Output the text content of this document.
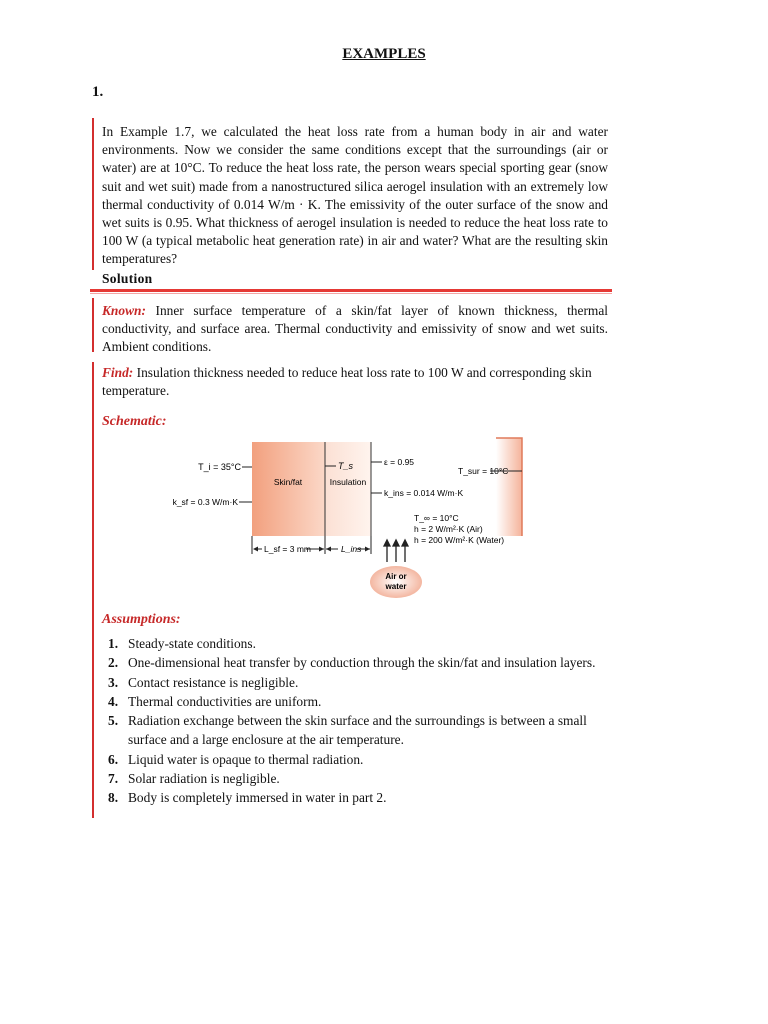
EXAMPLES
1.
In Example 1.7, we calculated the heat loss rate from a human body in air and water environments. Now we consider the same conditions except that the surroundings (air or water) are at 10°C. To reduce the heat loss rate, the person wears special sporting gear (snow suit and wet suit) made from a nanostructured silica aerogel insulation with an extremely low thermal conductivity of 0.014 W/m · K. The emissivity of the outer surface of the snow and wet suits is 0.95. What thickness of aerogel insulation is needed to reduce the heat loss rate to 100 W (a typical metabolic heat generation rate) in air and water? What are the resulting skin temperatures?
Solution
Known: Inner surface temperature of a skin/fat layer of known thickness, thermal conductivity, and surface area. Thermal conductivity and emissivity of snow and wet suits. Ambient conditions.
Find: Insulation thickness needed to reduce heat loss rate to 100 W and corresponding skin temperature.
Schematic:
T_i = 35°C	T_s	ε = 0.95
T_sur = 10°C
Skin/fat	Insulation
k_ins = 0.014 W/m·K
k_sf = 0.3 W/m·K
T_∞ = 10°C
h = 2 W/m²·K (Air)
h = 200 W/m²·K (Water)
L_sf = 3 mm	L_ins
Air or
water
Assumptions:
1. Steady-state conditions.
2. One-dimensional heat transfer by conduction through the skin/fat and insulation layers.
3. Contact resistance is negligible.
4. Thermal conductivities are uniform.
5. Radiation exchange between the skin surface and the surroundings is between a small surface and a large enclosure at the air temperature.
6. Liquid water is opaque to thermal radiation.
7. Solar radiation is negligible.
8. Body is completely immersed in water in part 2.
